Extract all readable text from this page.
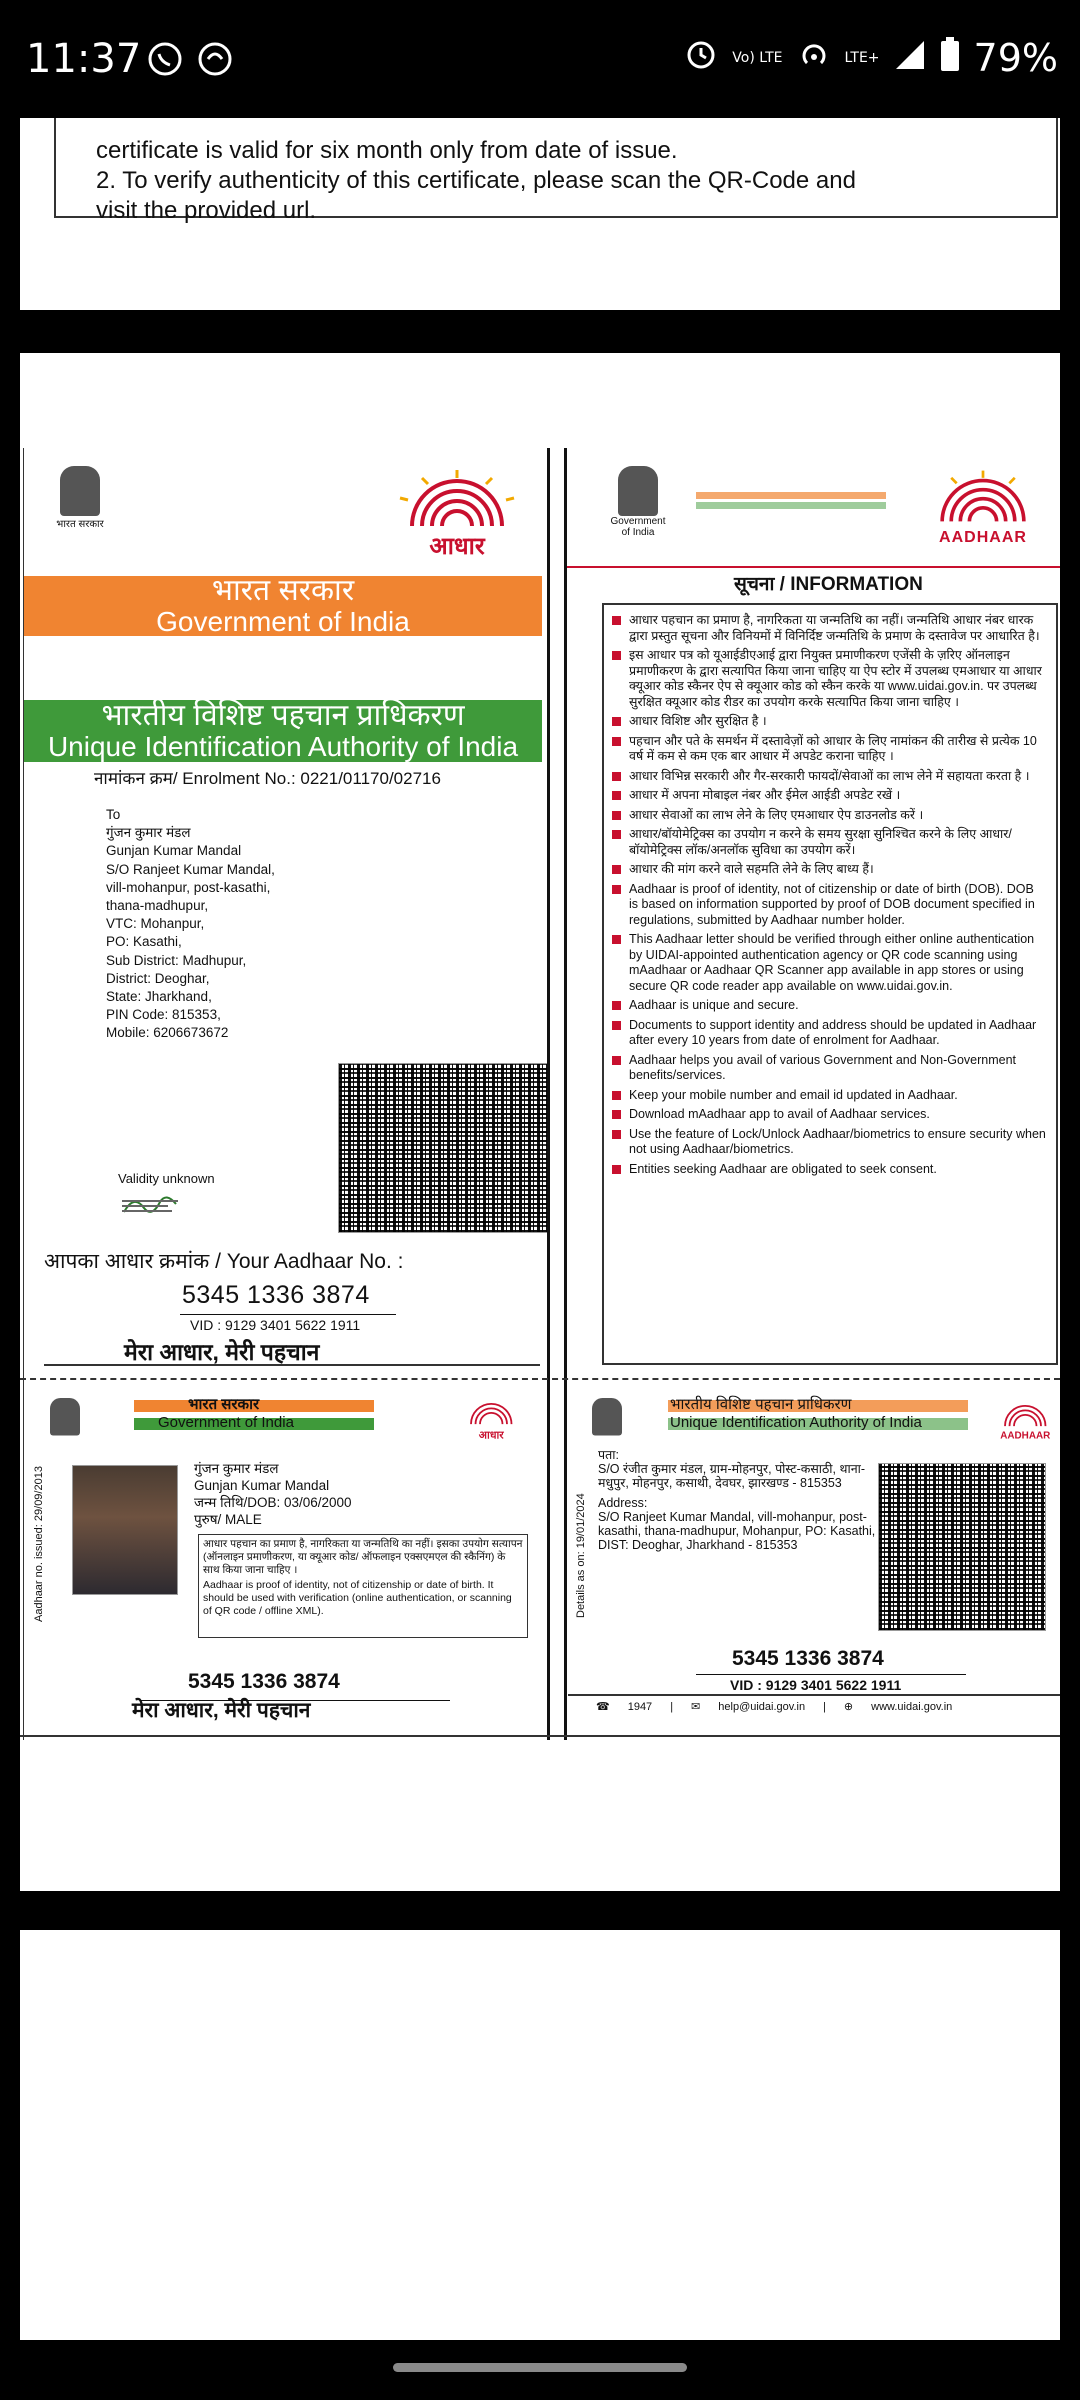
11:37	Vo) LTE	LTE+ 79%

certificate is valid for six month only from date of issue.
2. To verify authenticity of this certificate, please scan the QR-Code and
visit the provided url.
भारत सरकार
आधार
भारत सरकार
Government of India
भारतीय विशिष्ट पहचान प्राधिकरण
Unique Identification Authority of India
नामांकन क्रम/ Enrolment No.: 0221/01170/02716
To
गुंजन कुमार मंडल
Gunjan Kumar Mandal
S/O Ranjeet Kumar Mandal,
vill-mohanpur, post-kasathi,
thana-madhupur,
VTC: Mohanpur,
PO: Kasathi,
Sub District: Madhupur,
District: Deoghar,
State: Jharkhand,
PIN Code: 815353,
Mobile: 6206673672
Validity unknown
आपका आधार क्रमांक / Your Aadhaar No. :
5345 1336 3874
VID : 9129 3401 5622 1911
मेरा आधार, मेरी पहचान
Government of India	AADHAAR
सूचना / INFORMATION
आधार पहचान का प्रमाण है, नागरिकता या जन्मतिथि का नहीं। जन्मतिथि आधार नंबर धारक द्वारा प्रस्तुत सूचना और विनियमों में विनिर्दिष्ट जन्मतिथि के प्रमाण के दस्तावेज पर आधारित है।
इस आधार पत्र को यूआईडीएआई द्वारा नियुक्त प्रमाणीकरण एजेंसी के ज़रिए ऑनलाइन प्रमाणीकरण के द्वारा सत्यापित किया जाना चाहिए या ऐप स्टोर में उपलब्ध एमआधार या आधार क्यूआर कोड स्कैनर ऐप से क्यूआर कोड को स्कैन करके या www.uidai.gov.in. पर उपलब्ध सुरक्षित क्यूआर कोड रीडर का उपयोग करके सत्यापित किया जाना चाहिए ।
आधार विशिष्ट और सुरक्षित है ।
पहचान और पते के समर्थन में दस्तावेज़ों को आधार के लिए नामांकन की तारीख से प्रत्येक 10 वर्ष में कम से कम एक बार आधार में अपडेट कराना चाहिए ।
आधार विभिन्न सरकारी और गैर-सरकारी फायदों/सेवाओं का लाभ लेने में सहायता करता है ।
आधार में अपना मोबाइल नंबर और ईमेल आईडी अपडेट रखें ।
आधार सेवाओं का लाभ लेने के लिए एमआधार ऐप डाउनलोड करें ।
आधार/बॉयोमेट्रिक्स का उपयोग न करने के समय सुरक्षा सुनिश्चित करने के लिए आधार/बॉयोमेट्रिक्स लॉक/अनलॉक सुविधा का उपयोग करें।
आधार की मांग करने वाले सहमति लेने के लिए बाध्य हैं।
Aadhaar is proof of identity, not of citizenship or date of birth (DOB). DOB is based on information supported by proof of DOB document specified in regulations, submitted by Aadhaar number holder.
This Aadhaar letter should be verified through either online authentication by UIDAI-appointed authentication agency or QR code scanning using mAadhaar or Aadhaar QR Scanner app available in app stores or using secure QR code reader app available on www.uidai.gov.in.
Aadhaar is unique and secure.
Documents to support identity and address should be updated in Aadhaar after every 10 years from date of enrolment for Aadhaar.
Aadhaar helps you avail of various Government and Non-Government benefits/services.
Keep your mobile number and email id updated in Aadhaar.
Download mAadhaar app to avail of Aadhaar services.
Use the feature of Lock/Unlock Aadhaar/biometrics to ensure security when not using Aadhaar/biometrics.
Entities seeking Aadhaar are obligated to seek consent.
भारत सरकार
Government of India
आधार
Aadhaar no. issued: 29/09/2013	गुंजन कुमार मंडल
Gunjan Kumar Mandal
जन्म तिथि/DOB: 03/06/2000
पुरुष/ MALE
आधार पहचान का प्रमाण है, नागरिकता या जन्मतिथि का नहीं। इसका उपयोग सत्यापन (ऑनलाइन प्रमाणीकरण, या क्यूआर कोड/ ऑफलाइन एक्सएमएल की स्कैनिंग) के साथ किया जाना चाहिए ।
Aadhaar is proof of identity, not of citizenship or date of birth. It should be used with verification (online authentication, or scanning of QR code / offline XML).
5345 1336 3874
मेरा आधार, मेरी पहचान
भारतीय विशिष्ट पहचान प्राधिकरण
Unique Identification Authority of India
AADHAAR
Details as on: 19/01/2024
पता:
S/O रंजीत कुमार मंडल, ग्राम-मोहनपुर, पोस्ट-कसाठी, थाना-मधुपुर, मोहनपुर, कसाथी, देवघर, झारखण्ड - 815353
Address:
S/O Ranjeet Kumar Mandal, vill-mohanpur, post-kasathi, thana-madhupur, Mohanpur, PO: Kasathi, DIST: Deoghar, Jharkhand - 815353
5345 1336 3874
VID : 9129 3401 5622 1911
☎ 1947 | ✉ help@uidai.gov.in | ⊕ www.uidai.gov.in
